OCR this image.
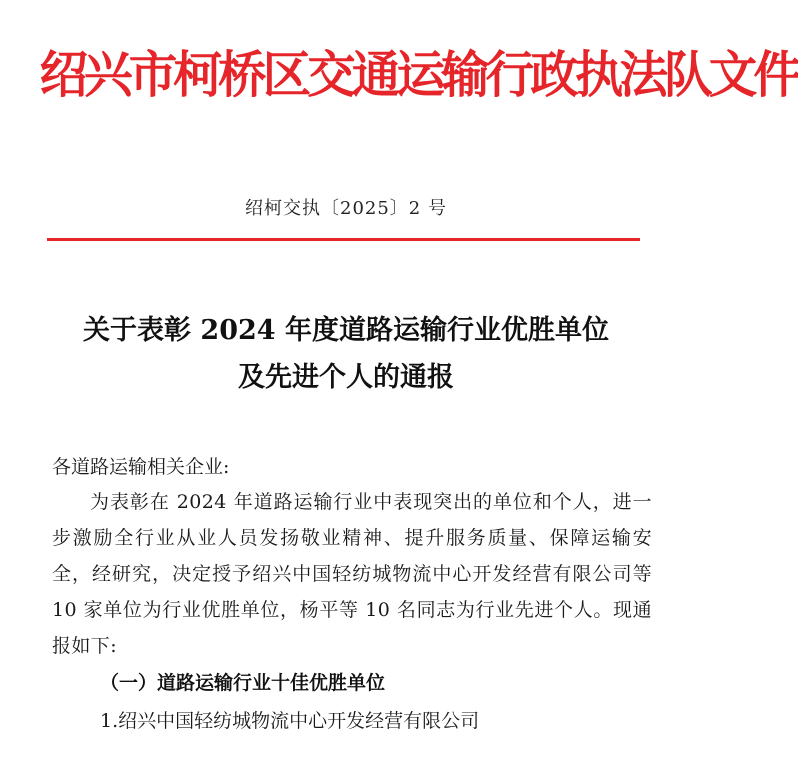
绍兴市柯桥区交通运输行政执法队文件
绍柯交执〔2025〕2 号
关于表彰 2024 年度道路运输行业优胜单位
及先进个人的通报
各道路运输相关企业:
为表彰在 2024 年道路运输行业中表现突出的单位和个人，进一步激励全行业从业人员发扬敬业精神、提升服务质量、保障运输安全，经研究，决定授予绍兴中国轻纺城物流中心开发经营有限公司等 10 家单位为行业优胜单位，杨平等 10 名同志为行业先进个人。现通报如下:
（一）道路运输行业十佳优胜单位
1.绍兴中国轻纺城物流中心开发经营有限公司
